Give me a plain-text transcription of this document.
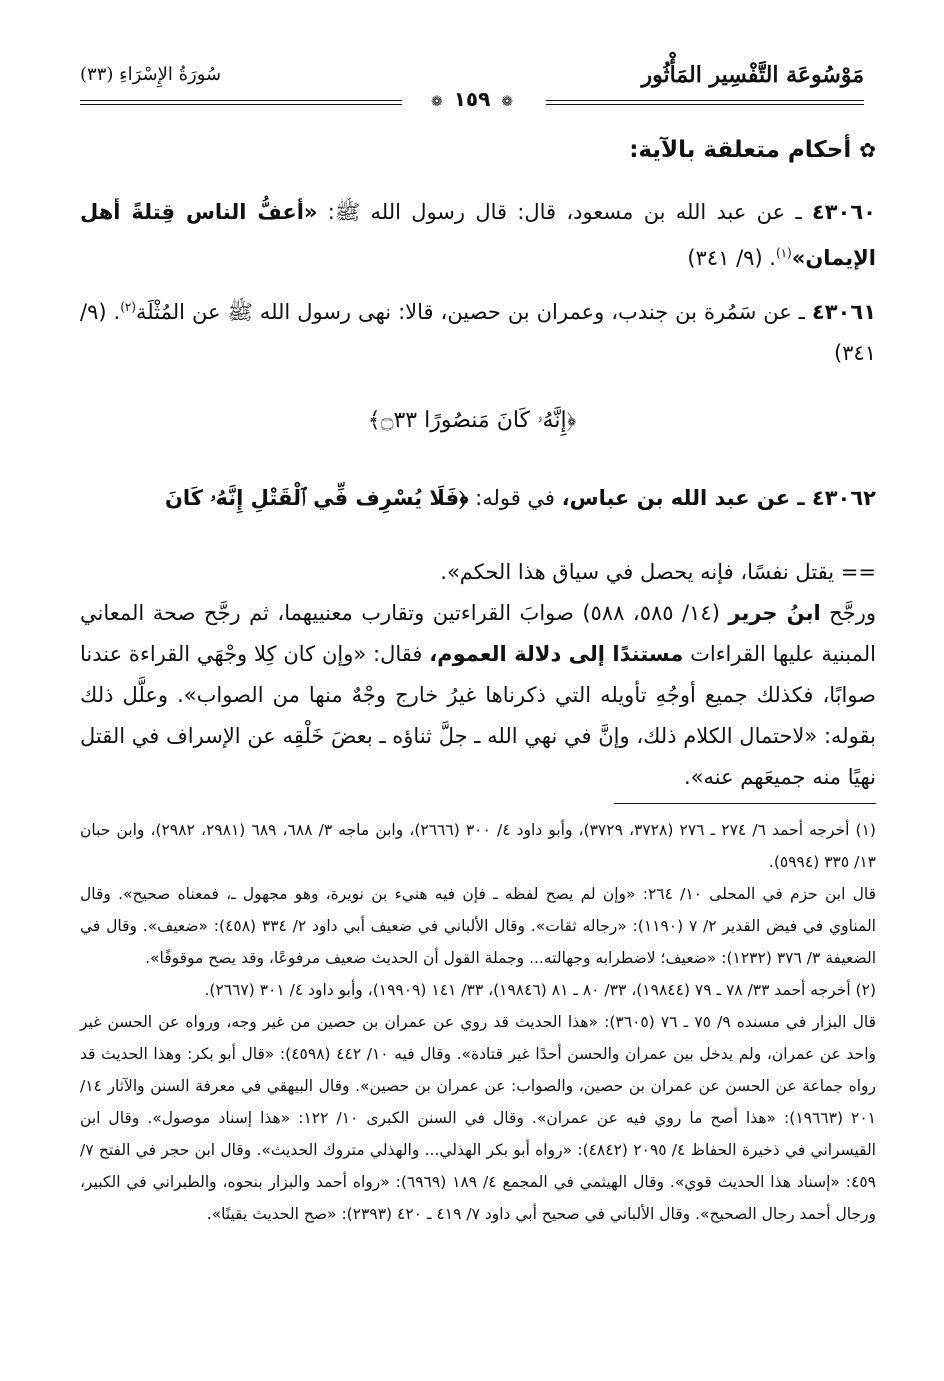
مَوْسُوعَة التَّفْسِير المَأْثُور
سُورَةُ الإِسْرَاءِ (٣٣)
❁ ١٥٩ ❁
✿أحكام متعلقة بالآية:

٤٣٠٦٠ ـ عن عبد الله بن مسعود، قال: قال رسول الله ﷺ: «أعفُّ الناس قِتلةً أهل الإيمان»$^{(١)}$. (٩/ ٣٤١)

٤٣٠٦١ ـ عن سَمُرة بن جندب، وعمران بن حصين، قالا: نهى رسول الله ﷺ عن المُثْلَة$^{(٢)}$. (٩/ ٣٤١)

﴿إِنَّهُۥ كَانَ مَنصُورًا ۝٣٣﴾

٤٣٠٦٢ ـ عن عبد الله بن عباس، في قوله: ﴿فَلَا يُسْرِف فِّي ٱلْقَتْلِ إِنَّهُۥ كَانَ

== يقتل نفسًا، فإنه يحصل في سياق هذا الحكم».

ورجَّح ابنُ جرير (١٤/ ٥٨٥، ٥٨٨) صوابَ القراءتين وتقارب معنييهما، ثم رجَّح صحة المعاني المبنية عليها القراءات مستندًا إلى دلالة العموم، فقال: «وإن كان كِلا وجْهَي القراءة عندنا صوابًا، فكذلك جميع أوجُهِ تأويله التي ذكرناها غيرُ خارج وجْهٌ منها من الصواب». وعلَّل ذلك بقوله: «لاحتمال الكلام ذلك، وإنَّ في نهي الله ـ جلَّ ثناؤه ـ بعضَ خَلْقِه عن الإسراف في القتل نهيًا منه جميعَهم عنه».

(١) أخرجه أحمد ٦/ ٢٧٤ ـ ٢٧٦ (٣٧٢٨، ٣٧٢٩)، وأبو داود ٤/ ٣٠٠ (٢٦٦٦)، وابن ماجه ٣/ ٦٨٨، ٦٨٩ (٢٩٨١، ٢٩٨٢)، وابن حبان ١٣/ ٣٣٥ (٥٩٩٤).

قال ابن حزم في المحلى ١٠/ ٢٦٤: «وإن لم يصح لفظه ـ فإن فيه هنيء بن نويرة، وهو مجهول ـ، فمعناه صحيح». وقال المناوي في فيض القدير ٢/ ٧ (١١٩٠): «رجاله ثقات». وقال الألباني في ضعيف أبي داود ٢/ ٣٣٤ (٤٥٨): «ضعيف». وقال في الضعيفة ٣/ ٣٧٦ (١٢٣٢): «ضعيف؛ لاضطرابه وجهالته... وجملة القول أن الحديث ضعيف مرفوعًا، وقد يصح موقوفًا».

(٢) أخرجه أحمد ٣٣/ ٧٨ ـ ٧٩ (١٩٨٤٤)، ٣٣/ ٨٠ ـ ٨١ (١٩٨٤٦)، ٣٣/ ١٤١ (١٩٩٠٩)، وأبو داود ٤/ ٣٠١ (٢٦٦٧).

قال البزار في مسنده ٩/ ٧٥ ـ ٧٦ (٣٦٠٥): «هذا الحديث قد روي عن عمران بن حصين من غير وجه، ورواه عن الحسن غير واحد عن عمران، ولم يدخل بين عمران والحسن أحدًا غير قتادة». وقال فيه ١٠/ ٤٤٢ (٤٥٩٨): «قال أبو بكر: وهذا الحديث قد رواه جماعة عن الحسن عن عمران بن حصين، والصواب: عن عمران بن حصين». وقال البيهقي في معرفة السنن والآثار ١٤/ ٢٠١ (١٩٦٦٣): «هذا أصح ما روي فيه عن عمران». وقال في السنن الكبرى ١٠/ ١٢٢: «هذا إسناد موصول». وقال ابن القيسراني في ذخيرة الحفاظ ٤/ ٢٠٩٥ (٤٨٤٢): «رواه أبو بكر الهذلي... والهذلي متروك الحديث». وقال ابن حجر في الفتح ٧/ ٤٥٩: «إسناد هذا الحديث قوي». وقال الهيثمي في المجمع ٤/ ١٨٩ (٦٩٦٩): «رواه أحمد والبزار بنحوه، والطبراني في الكبير، ورجال أحمد رجال الصحيح». وقال الألباني في صحيح أبي داود ٧/ ٤١٩ ـ ٤٢٠ (٢٣٩٣): «صح الحديث يقينًا».
